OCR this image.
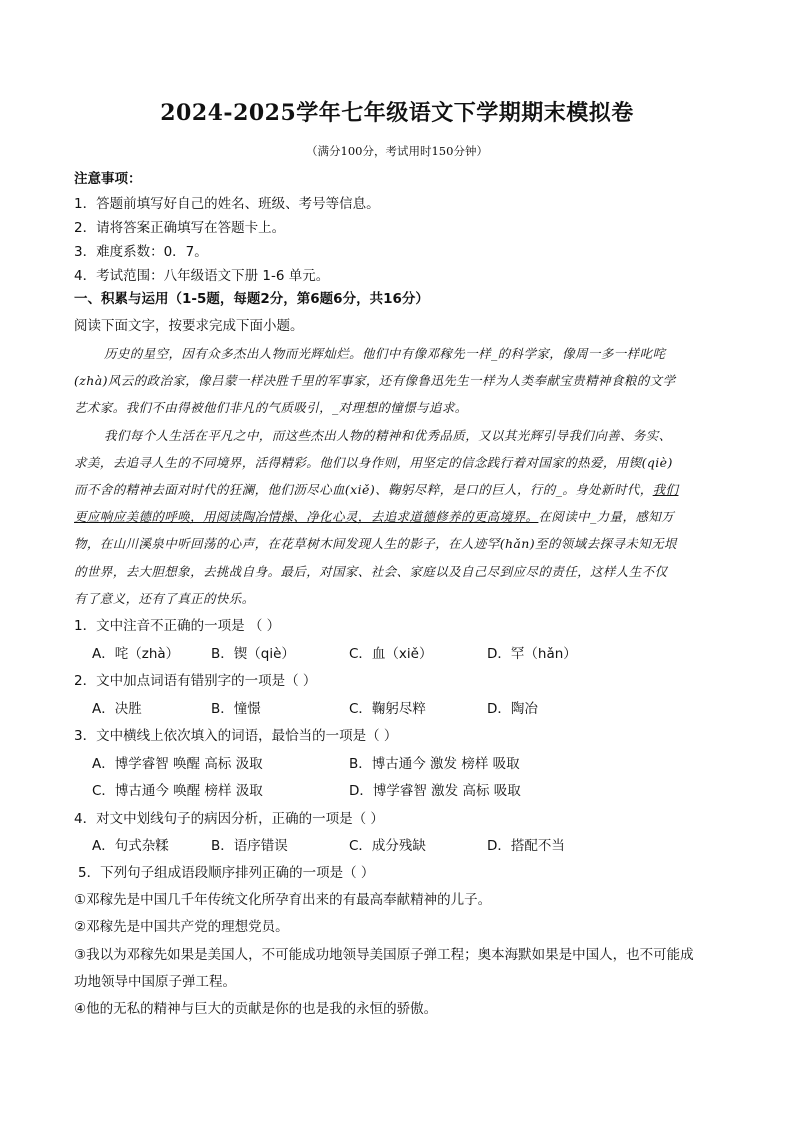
2024-2025学年七年级语文下学期期末模拟卷
（满分100分，考试用时150分钟）
注意事项：
1．答题前填写好自己的姓名、班级、考号等信息。
2．请将答案正确填写在答题卡上。
3．难度系数：0．7。
4．考试范围：八年级语文下册 1-6 单元。
一、积累与运用（1-5题，每题2分，第6题6分，共16分）
阅读下面文字，按要求完成下面小题。
历史的星空，因有众多杰出人物而光辉灿烂。他们中有像邓稼先一样_的科学家，像周一多一样叱咤
(zhà)风云的政治家，像吕蒙一样决胜千里的军事家，还有像鲁迅先生一样为人类奉献宝贵精神食粮的文学
艺术家。我们不由得被他们非凡的气质吸引，_对理想的憧憬与追求。
我们每个人生活在平凡之中，而这些杰出人物的精神和优秀品质，又以其光辉引导我们向善、务实、
求美，去追寻人生的不同境界，活得精彩。他们以身作则，用坚定的信念践行着对国家的热爱，用锲(qiè)
而不舍的精神去面对时代的狂澜，他们沥尽心血(xiě)、鞠躬尽粹，是口的巨人，行的_。身处新时代，我们
更应响应美德的呼唤，用阅读陶冶情操、净化心灵，去追求道德修养的更高境界。在阅读中_力量，感知万
物，在山川溪泉中听回荡的心声，在花草树木间发现人生的影子，在人迹罕(hǎn)至的领域去探寻未知无垠
的世界，去大胆想象，去挑战自身。最后，对国家、社会、家庭以及自己尽到应尽的责任，这样人生不仅
有了意义，还有了真正的快乐。
1．文中注音不正确的一项是 （ ）
A．咤（zhà） B．锲（qiè）	C．血（xiě）	D．罕（hǎn）
2．文中加点词语有错别字的一项是（ ）
A．决胜	B．憧憬	C．鞠躬尽粹	D．陶冶
3．文中横线上依次填入的词语，最恰当的一项是（ ）
A．博学睿智 唤醒 高标 汲取	B．博古通今 激发 榜样 吸取
C．博古通今 唤醒 榜样 汲取	D．博学睿智 激发 高标 吸取
4．对文中划线句子的病因分析，正确的一项是（ ）
A．句式杂糅	B．语序错误	C．成分残缺	D．搭配不当
5．下列句子组成语段顺序排列正确的一项是（ ）
①邓稼先是中国几千年传统文化所孕育出来的有最高奉献精神的儿子。
②邓稼先是中国共产党的理想党员。
③我以为邓稼先如果是美国人，不可能成功地领导美国原子弹工程；奥本海默如果是中国人，也不可能成
功地领导中国原子弹工程。
④他的无私的精神与巨大的贡献是你的也是我的永恒的骄傲。
